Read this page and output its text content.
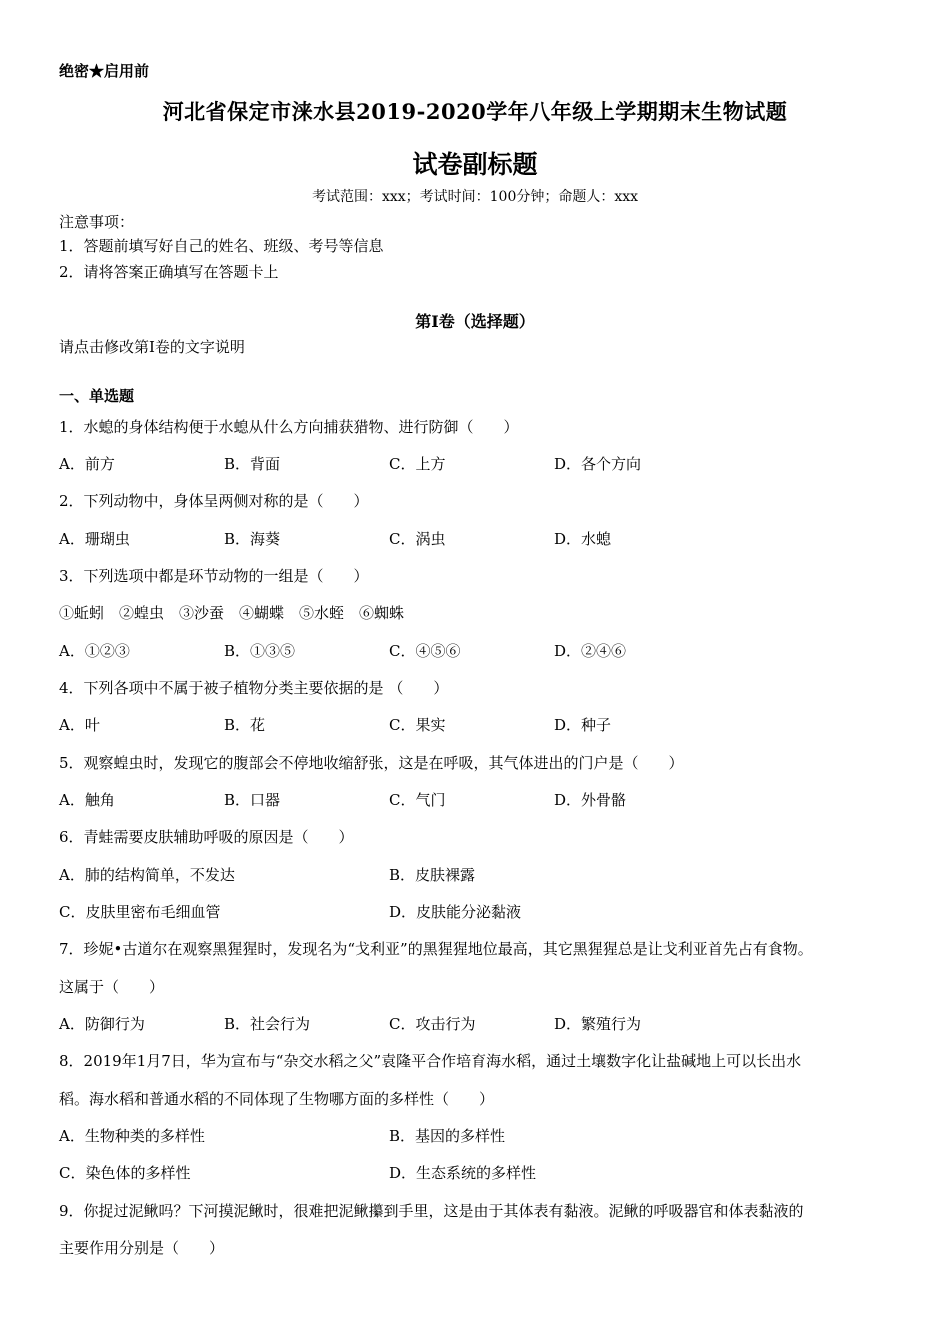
绝密★启用前
河北省保定市涞水县2019-2020学年八年级上学期期末生物试题
试卷副标题
考试范围：xxx；考试时间：100分钟；命题人：xxx
注意事项：
1．答题前填写好自己的姓名、班级、考号等信息
2．请将答案正确填写在答题卡上
第I卷（选择题）
请点击修改第I卷的文字说明
一、单选题
1．水螅的身体结构便于水螅从什么方向捕获猎物、进行防御（　　）
A．前方	B．背面	C．上方	D．各个方向
2．下列动物中，身体呈两侧对称的是（　　）
A．珊瑚虫	B．海葵	C．涡虫	D．水螅
3．下列选项中都是环节动物的一组是（　　）
①蚯蚓　②蝗虫　③沙蚕　④蝴蝶　⑤水蛭　⑥蜘蛛
A．①②③	B．①③⑤	C．④⑤⑥	D．②④⑥
4．下列各项中不属于被子植物分类主要依据的是 （　　）
A．叶	B．花	C．果实	D．种子
5．观察蝗虫时，发现它的腹部会不停地收缩舒张，这是在呼吸，其气体进出的门户是（　　）
A．触角	B．口器	C．气门	D．外骨骼
6．青蛙需要皮肤辅助呼吸的原因是（　　）
A．肺的结构简单，不发达	B．皮肤裸露
C．皮肤里密布毛细血管	D．皮肤能分泌黏液
7．珍妮•古道尔在观察黑猩猩时，发现名为“戈利亚”的黑猩猩地位最高，其它黑猩猩总是让戈利亚首先占有食物。
这属于（　　）
A．防御行为	B．社会行为	C．攻击行为	D．繁殖行为
8．2019年1月7日，华为宣布与“杂交水稻之父”袁隆平合作培育海水稻，通过土壤数字化让盐碱地上可以长出水
稻。海水稻和普通水稻的不同体现了生物哪方面的多样性（　　）
A．生物种类的多样性	B．基因的多样性
C．染色体的多样性	D．生态系统的多样性
9．你捉过泥鳅吗？下河摸泥鳅时，很难把泥鳅攥到手里，这是由于其体表有黏液。泥鳅的呼吸器官和体表黏液的
主要作用分别是（　　）
